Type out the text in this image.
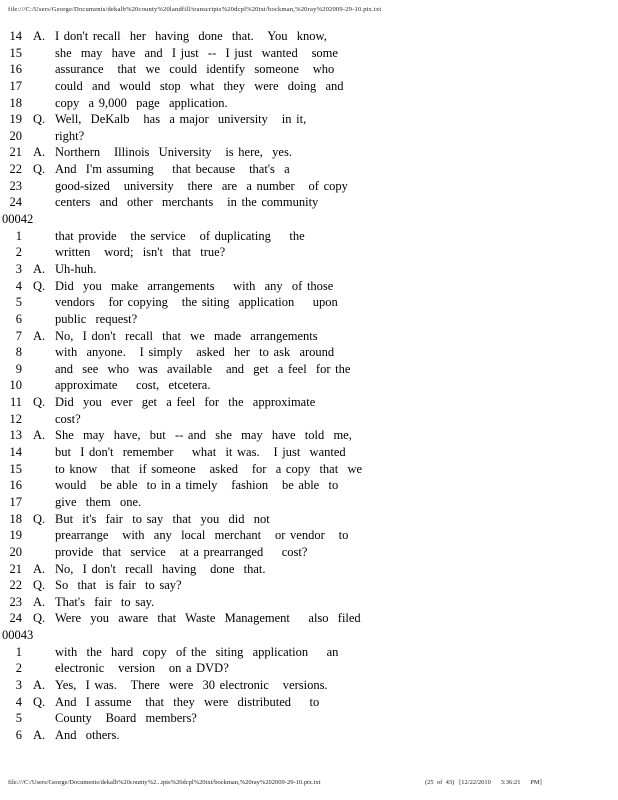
file:///C:/Users/George/Documents/dekalb%20county%20landfill/transcripts%20dcpl%20txt/bockman,%20ray%202009-29-10.ptx.txt
14 A. I don't recall  her  having  done  that.   You  know,
15	she  may  have  and  I just  --  I just  wanted   some
16	assurance   that  we  could  identify  someone   who
17	could  and  would  stop  what  they  were  doing  and
18	copy  a 9,000  page  application.
19 Q. Well,  DeKalb   has  a major  university   in it,
20	right?
21 A. Northern   Illinois  University   is here,  yes.
22 Q. And  I'm assuming    that because   that's  a
23	good-sized   university   there  are  a number   of copy
24	centers  and  other  merchants   in the community
00042
1	that provide   the service   of duplicating    the
2	written   word;  isn't  that  true?
3 A. Uh-huh.
4 Q. Did  you  make  arrangements    with  any  of those
5	vendors   for copying   the siting  application    upon
6	public  request?
7 A. No,  I don't  recall  that  we  made  arrangements
8	with  anyone.   I simply   asked  her  to ask  around
9	and  see  who  was  available   and  get  a feel  for the
10	approximate    cost,  etcetera.
11 Q. Did  you  ever  get  a feel  for  the  approximate
12	cost?
13 A. She  may  have,  but  -- and  she  may  have  told  me,
14	but  I don't  remember    what  it was.   I just  wanted
15	to know   that  if someone   asked   for  a copy  that  we
16	would   be able  to in a timely   fashion   be able  to
17	give  them  one.
18 Q. But  it's  fair  to say  that  you  did  not
19	prearrange   with  any  local  merchant   or vendor   to
20	provide  that  service   at a prearranged    cost?
21 A. No,  I don't  recall  having   done  that.
22 Q. So  that  is fair  to say?
23 A. That's  fair  to say.
24 Q. Were  you  aware  that  Waste  Management    also  filed
00043
1	with  the  hard  copy  of the  siting  application    an
2	electronic   version   on a DVD?
3 A. Yes,  I was.   There  were  30 electronic   versions.
4 Q. And  I assume   that  they  were  distributed    to
5	County   Board  members?
6 A. And  others.

file:///C:/Users/George/Documents/dekalb%20county%2...ipts%20dcpl%20txt/bockman,%20ray%202009-29-10.ptx.txt

	(25  of  43) [12/22/2010      3:36:21      PM]
